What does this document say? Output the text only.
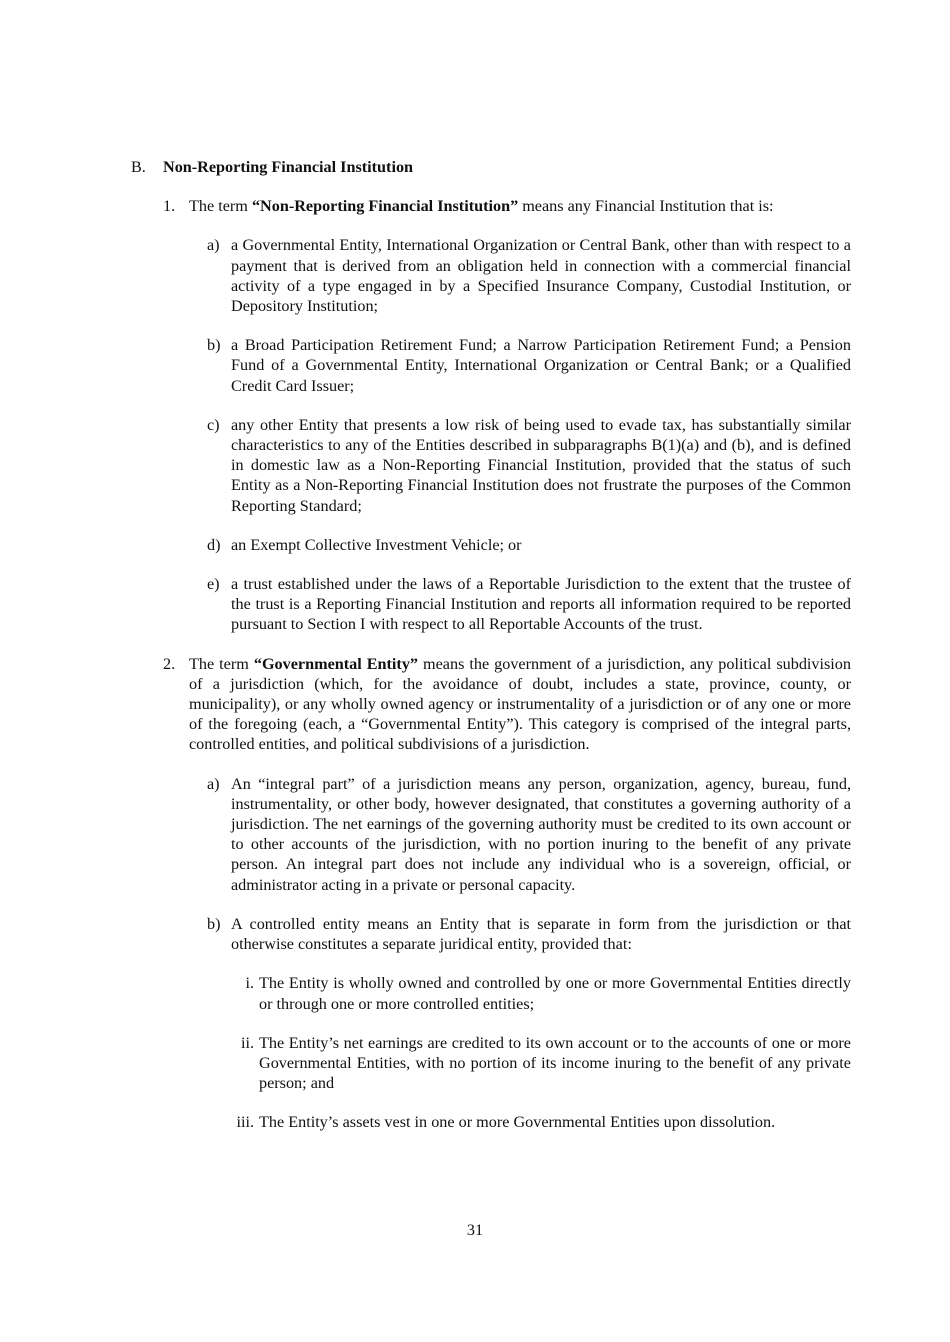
B.	Non-Reporting Financial Institution
1. The term “Non-Reporting Financial Institution” means any Financial Institution that is:
a) a Governmental Entity, International Organization or Central Bank, other than with respect to a payment that is derived from an obligation held in connection with a commercial financial activity of a type engaged in by a Specified Insurance Company, Custodial Institution, or Depository Institution;
b) a Broad Participation Retirement Fund; a Narrow Participation Retirement Fund; a Pension Fund of a Governmental Entity, International Organization or Central Bank; or a Qualified Credit Card Issuer;
c) any other Entity that presents a low risk of being used to evade tax, has substantially similar characteristics to any of the Entities described in subparagraphs B(1)(a) and (b), and is defined in domestic law as a Non-Reporting Financial Institution, provided that the status of such Entity as a Non-Reporting Financial Institution does not frustrate the purposes of the Common Reporting Standard;
d) an Exempt Collective Investment Vehicle; or
e) a trust established under the laws of a Reportable Jurisdiction to the extent that the trustee of the trust is a Reporting Financial Institution and reports all information required to be reported pursuant to Section I with respect to all Reportable Accounts of the trust.
2. The term “Governmental Entity” means the government of a jurisdiction, any political subdivision of a jurisdiction (which, for the avoidance of doubt, includes a state, province, county, or municipality), or any wholly owned agency or instrumentality of a jurisdiction or of any one or more of the foregoing (each, a “Governmental Entity”). This category is comprised of the integral parts, controlled entities, and political subdivisions of a jurisdiction.
a) An “integral part” of a jurisdiction means any person, organization, agency, bureau, fund, instrumentality, or other body, however designated, that constitutes a governing authority of a jurisdiction. The net earnings of the governing authority must be credited to its own account or to other accounts of the jurisdiction, with no portion inuring to the benefit of any private person. An integral part does not include any individual who is a sovereign, official, or administrator acting in a private or personal capacity.
b) A controlled entity means an Entity that is separate in form from the jurisdiction or that otherwise constitutes a separate juridical entity, provided that:
i. The Entity is wholly owned and controlled by one or more Governmental Entities directly or through one or more controlled entities;
ii. The Entity’s net earnings are credited to its own account or to the accounts of one or more Governmental Entities, with no portion of its income inuring to the benefit of any private person; and
iii. The Entity’s assets vest in one or more Governmental Entities upon dissolution.
31
